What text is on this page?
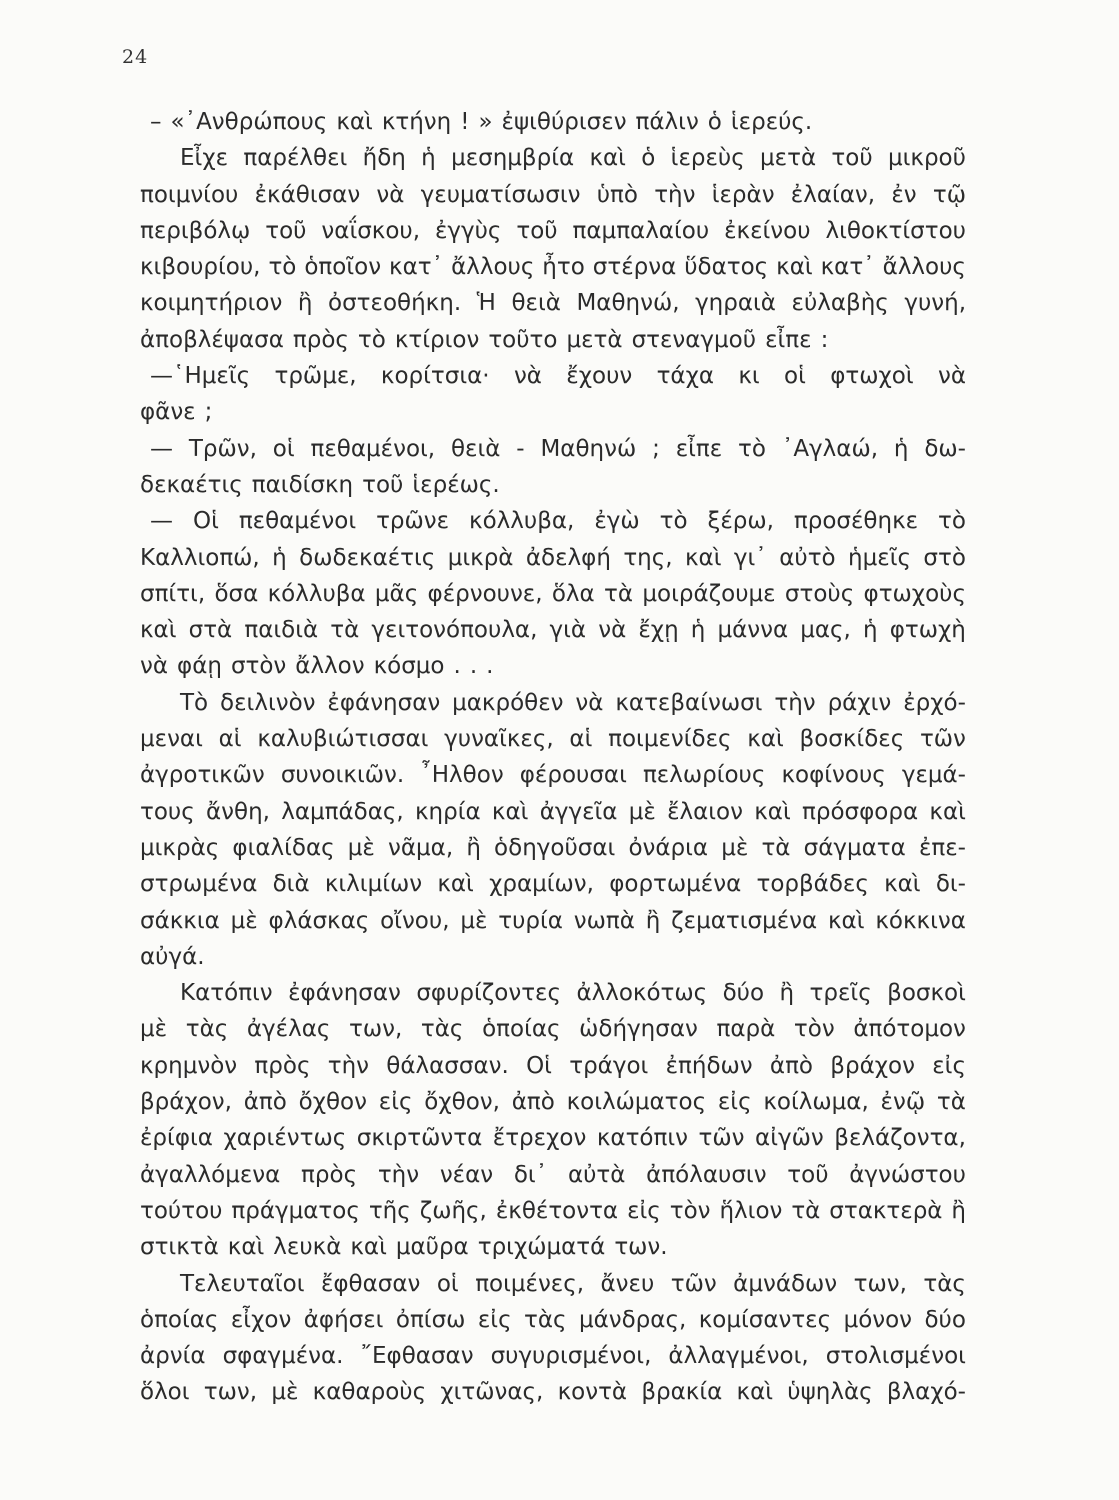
24
– «᾽Ανθρώπους καὶ κτήνη ! » ἐψιθύρισεν πάλιν ὁ ἱερεύς.
Εἶχε παρέλθει ἤδη ἡ μεσημβρία καὶ ὁ ἱερεὺς μετὰ τοῦ μικροῦ
ποιμνίου ἐκάθισαν νὰ γευματίσωσιν ὑπὸ τὴν ἱερὰν ἐλαίαν, ἐν τῷ
περιβόλῳ τοῦ ναΐσκου, ἐγγὺς τοῦ παμπαλαίου ἐκείνου λιθοκτίστου
κιβουρίου, τὸ ὁποῖον κατ᾽ ἄλλους ἦτο στέρνα ὕδατος καὶ κατ᾽ ἄλλους
κοιμητήριον ἢ ὀστεοθήκη. Ἡ θειὰ Μαθηνώ, γηραιὰ εὐλαβὴς γυνή,
ἀποβλέψασα πρὸς τὸ κτίριον τοῦτο μετὰ στεναγμοῦ εἶπε :
—῾Ημεῖς τρῶμε, κορίτσια· νὰ ἔχουν τάχα κι οἱ φτωχοὶ νὰ
φᾶνε ;
— Τρῶν, οἱ πεθαμένοι, θειὰ - Μαθηνώ ; εἶπε τὸ ᾽Αγλαώ, ἡ δω-
δεκαέτις παιδίσκη τοῦ ἱερέως.
— Οἱ πεθαμένοι τρῶνε κόλλυβα, ἐγὼ τὸ ξέρω, προσέθηκε τὸ
Καλλιοπώ, ἡ δωδεκαέτις μικρὰ ἀδελφή της, καὶ γι᾽ αὐτὸ ἡμεῖς στὸ
σπίτι, ὅσα κόλλυβα μᾶς φέρνουνε, ὅλα τὰ μοιράζουμε στοὺς φτωχοὺς
καὶ στὰ παιδιὰ τὰ γειτονόπουλα, γιὰ νὰ ἔχῃ ἡ μάννα μας, ἡ φτωχὴ
νὰ φάῃ στὸν ἄλλον κόσμο . . .
Τὸ δειλινὸν ἐφάνησαν μακρόθεν νὰ κατεβαίνωσι τὴν ράχιν ἐρχό-
μεναι αἱ καλυβιώτισσαι γυναῖκες, αἱ ποιμενίδες καὶ βοσκίδες τῶν
ἀγροτικῶν συνοικιῶν. ῏Ηλθον φέρουσαι πελωρίους κοφίνους γεμά-
τους ἄνθη, λαμπάδας, κηρία καὶ ἀγγεῖα μὲ ἔλαιον καὶ πρόσφορα καὶ
μικρὰς φιαλίδας μὲ νᾶμα, ἢ ὁδηγοῦσαι ὀνάρια μὲ τὰ σάγματα ἐπε-
στρωμένα διὰ κιλιμίων καὶ χραμίων, φορτωμένα τορβάδες καὶ δι-
σάκκια μὲ φλάσκας οἴνου, μὲ τυρία νωπὰ ἢ ζεματισμένα καὶ κόκκινα
αὐγά.
Κατόπιν ἐφάνησαν σφυρίζοντες ἀλλοκότως δύο ἢ τρεῖς βοσκοὶ
μὲ τὰς ἀγέλας των, τὰς ὁποίας ὡδήγησαν παρὰ τὸν ἀπότομον
κρημνὸν πρὸς τὴν θάλασσαν. Οἱ τράγοι ἐπήδων ἀπὸ βράχον εἰς
βράχον, ἀπὸ ὄχθον εἰς ὄχθον, ἀπὸ κοιλώματος εἰς κοίλωμα, ἐνῷ τὰ
ἐρίφια χαριέντως σκιρτῶντα ἔτρεχον κατόπιν τῶν αἰγῶν βελάζοντα,
ἀγαλλόμενα πρὸς τὴν νέαν δι᾽ αὐτὰ ἀπόλαυσιν τοῦ ἀγνώστου
τούτου πράγματος τῆς ζωῆς, ἐκθέτοντα εἰς τὸν ἥλιον τὰ στακτερὰ ἢ
στικτὰ καὶ λευκὰ καὶ μαῦρα τριχώματά των.
Τελευταῖοι ἔφθασαν οἱ ποιμένες, ἄνευ τῶν ἀμνάδων των, τὰς
ὁποίας εἶχον ἀφήσει ὀπίσω εἰς τὰς μάνδρας, κομίσαντες μόνον δύο
ἀρνία σφαγμένα. ῎Εφθασαν συγυρισμένοι, ἀλλαγμένοι, στολισμένοι
ὅλοι των, μὲ καθαροὺς χιτῶνας, κοντὰ βρακία καὶ ὑψηλὰς βλαχό-
